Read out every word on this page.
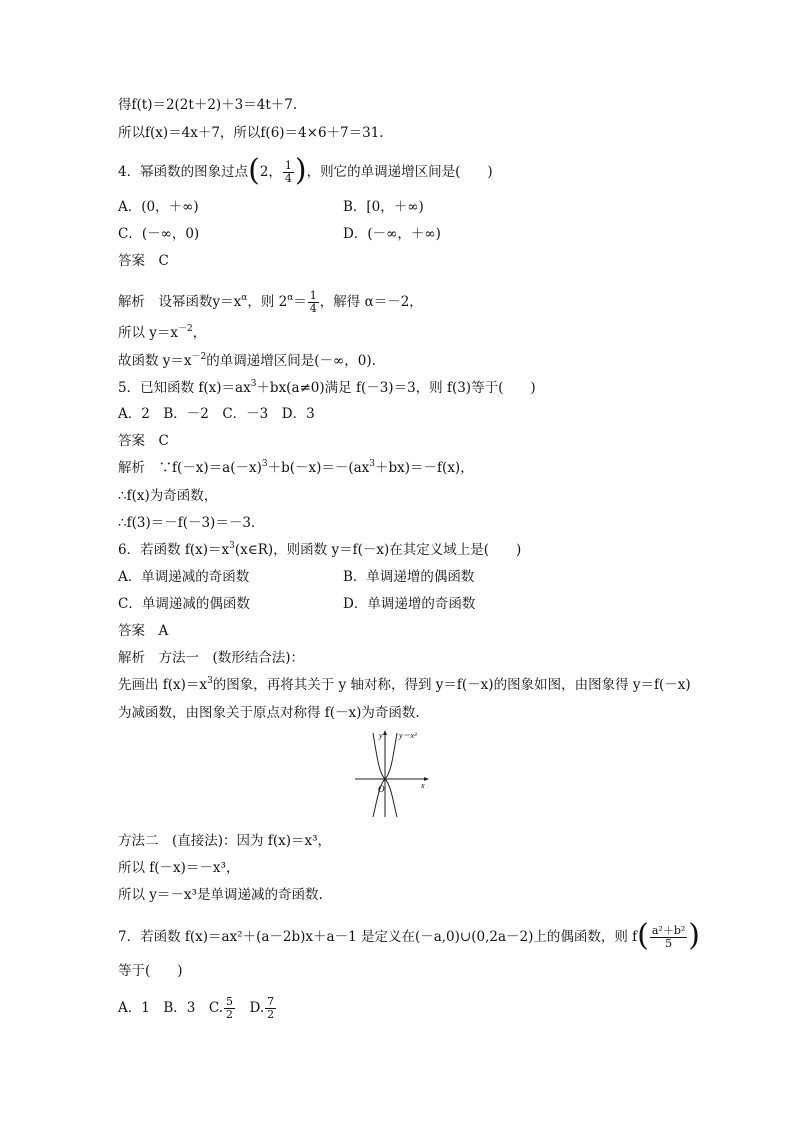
得f(t)＝2(2t＋2)＋3＝4t＋7.
所以f(x)＝4x＋7，所以f(6)＝4×6＋7＝31.
4．幂函数的图象过点(2， $\frac{1}{4}$ )，则它的单调递增区间是(　　)
A．(0，＋∞)	B．[0，＋∞)
C．(－∞，0)	D．(－∞，＋∞)
答案　C
解析　设幂函数$y=x^\alpha$，则 $2^\alpha= \frac{1}{4}$ ，解得 α＝－2，
所以 $y=x^{-2}$，
故函数 $y=x^{-2}$的单调递增区间是(－∞，0).
5．已知函数 $f(x)=ax^3+bx(a\ne 0)$满足 f(－3)＝3，则 f(3)等于(　　)
A．2　B．－2　C．－3　D．3
答案　C
解析　$\because f(-x)=a(-x)^3+b(-x)=-(ax^3+bx)=-f(x)$，
∴f(x)为奇函数，
∴f(3)＝－f(－3)＝－3.
6．若函数 $f(x)=x^3(x\in R)$，则函数 y＝f(－x)在其定义域上是(　　)
A．单调递减的奇函数	B．单调递增的偶函数
C．单调递减的偶函数	D．单调递增的奇函数
答案　A
解析　方法一　(数形结合法)：
先画出 $f(x)=x^3$的图象，再将其关于 y 轴对称，得到 y＝f(－x)的图象如图，由图象得 y＝f(－x)
为减函数，由图象关于原点对称得 f(－x)为奇函数.
y y＝x³
x
O
方法二　(直接法)：因为 f(x)＝x³，
所以 f(－x)＝－x³，
所以 y＝－x³是单调递减的奇函数.
7．若函数 f(x)＝ax²＋(a－2b)x＋a－1 是定义在(－a,0)∪(0,2a－2)上的偶函数，则 $f( \frac{\text{a²＋b²}}{5}$ )
等于(　　)
A．1　B．3　C. $\frac{5}{2}$ 　D. $\frac{7}{2}$
